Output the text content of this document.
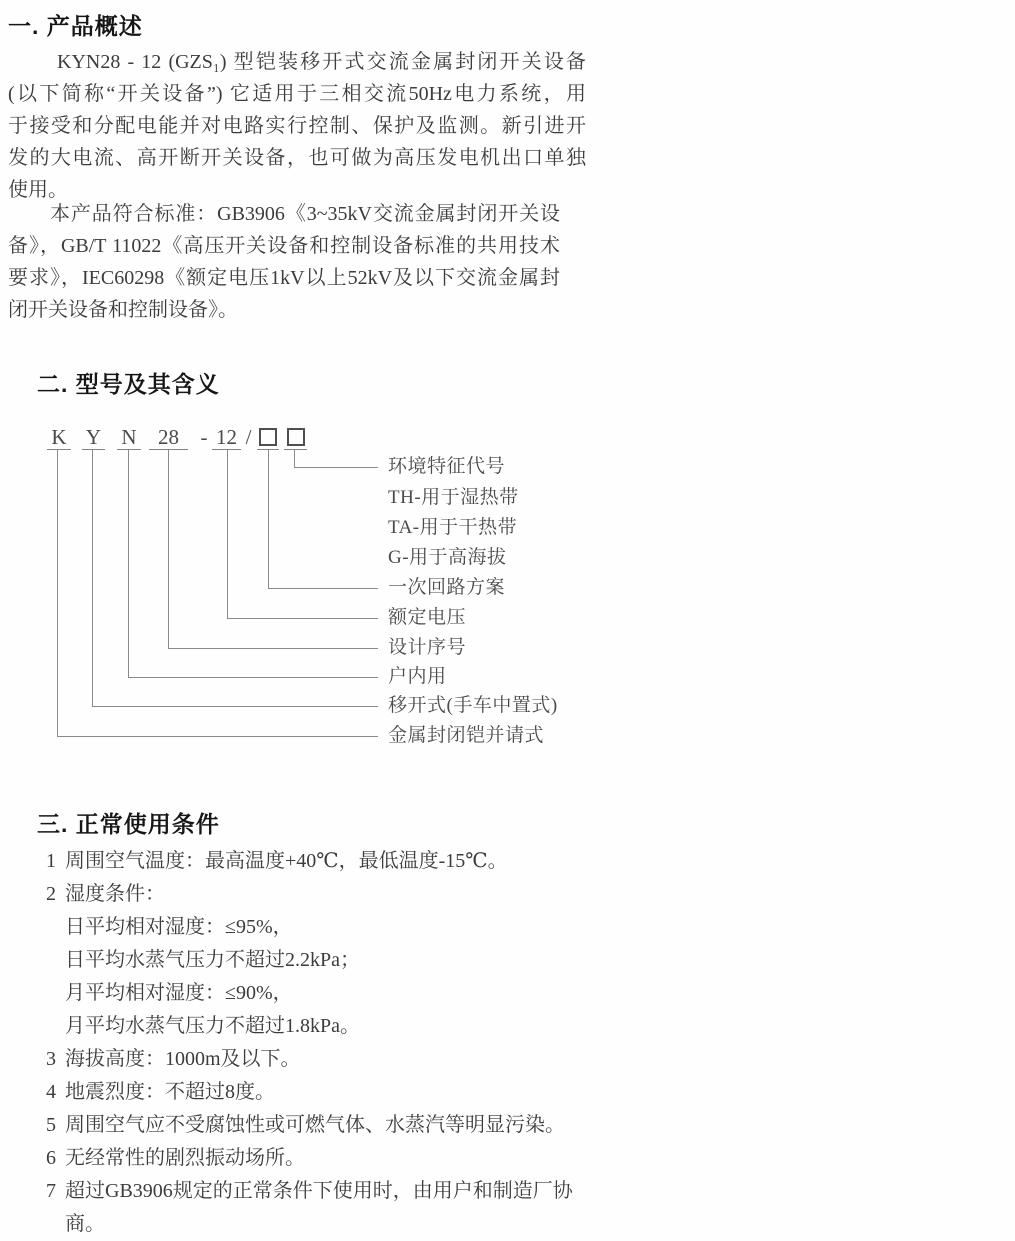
一. 产品概述
KYN28 - 12 (GZS₁) 型铠装移开式交流金属封闭开关设备
(以下简称“开关设备”) 它适用于三相交流50Hz电力系统，用
于接受和分配电能并对电路实行控制、保护及监测。新引进开
发的大电流、高开断开关设备，也可做为高压发电机出口单独
使用。
本产品符合标准：GB3906《3~35kV交流金属封闭开关设
备》，GB/T 11022《高压开关设备和控制设备标准的共用技术
要求》，IEC60298《额定电压1kV以上52kV及以下交流金属封
闭开关设备和控制设备》。
二. 型号及其含义
K Y N	28	- 12 /
环境特征代号
TH-用于湿热带
TA-用于干热带
G-用于高海拔
一次回路方案
额定电压
设计序号
户内用
移开式(手车中置式)
金属封闭铠并请式
三. 正常使用条件
1 周围空气温度：最高温度+40℃，最低温度-15℃。
2 湿度条件：
日平均相对湿度：≤95%，
日平均水蒸气压力不超过2.2kPa；
月平均相对湿度：≤90%，
月平均水蒸气压力不超过1.8kPa。
3 海拔高度：1000m及以下。
4 地震烈度：不超过8度。
5 周围空气应不受腐蚀性或可燃气体、水蒸汽等明显污染。
6 无经常性的剧烈振动场所。
7 超过GB3906规定的正常条件下使用时，由用户和制造厂协
商。
